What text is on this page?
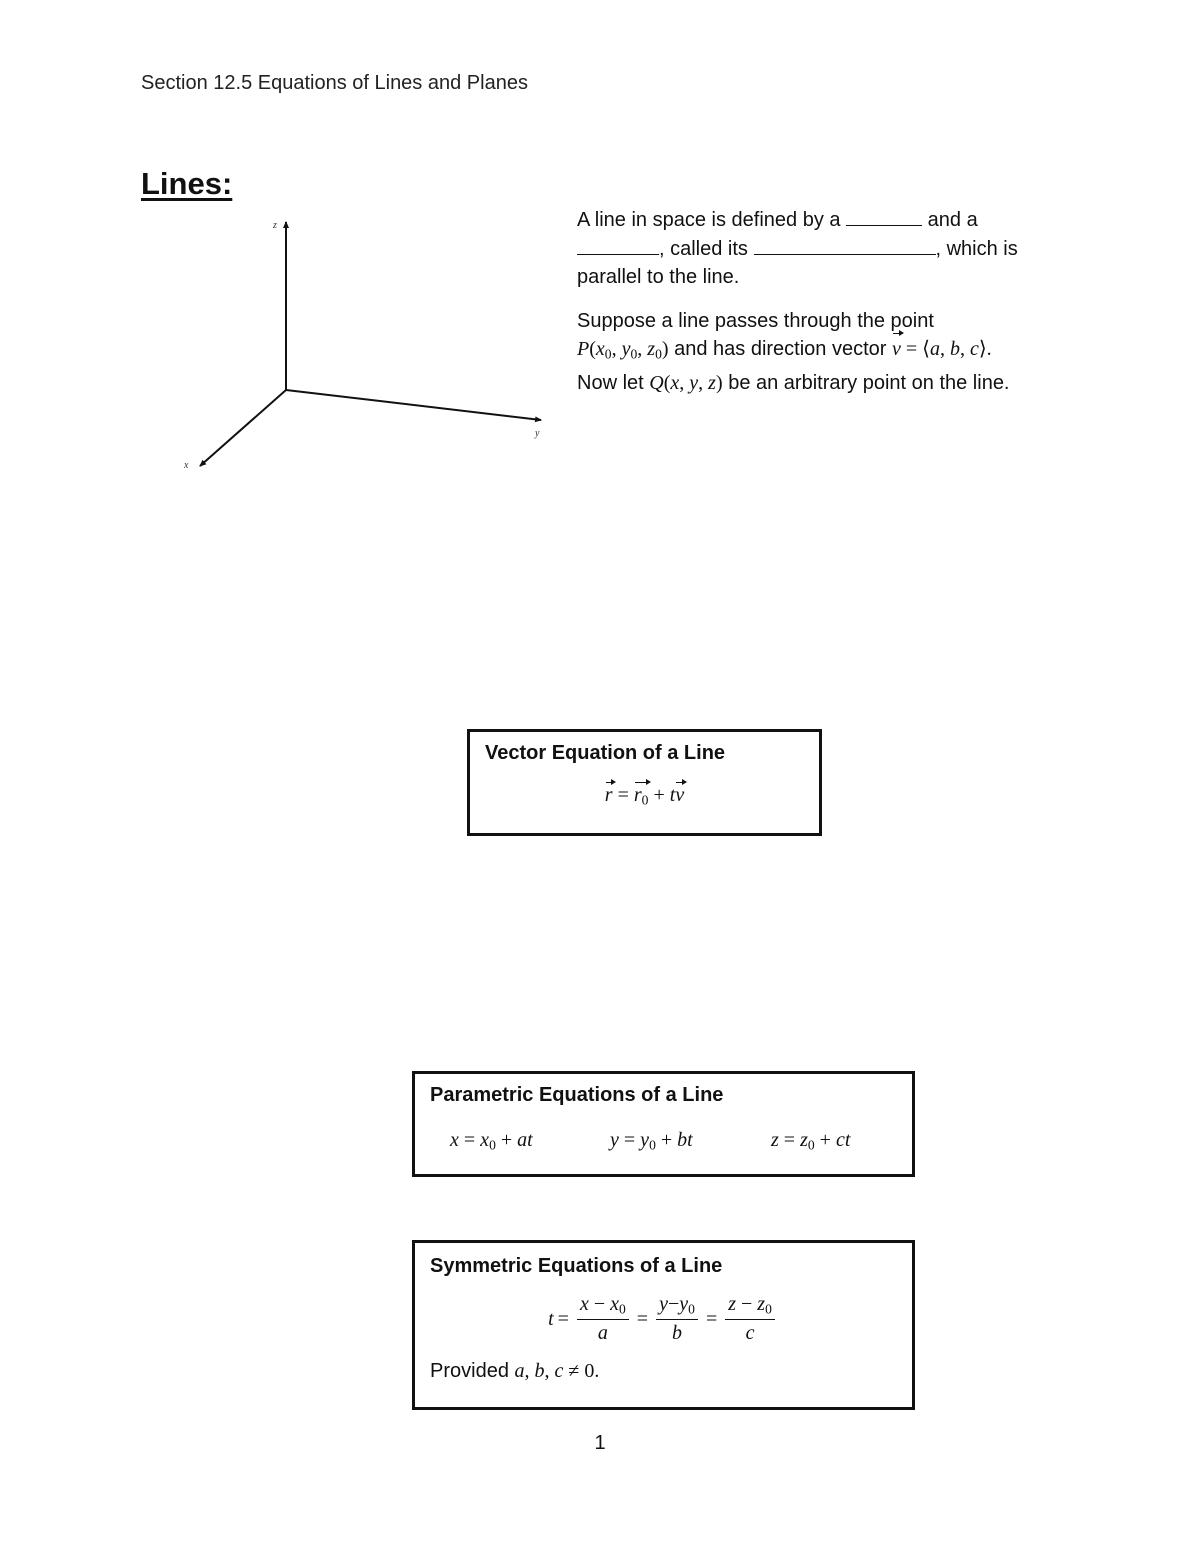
Section 12.5 Equations of Lines and Planes
Lines:
z
y
x

A line in space is defined by a	and a , called its	, which is parallel to the line.

Suppose a line passes through the point
$P(x_0$, $y_0$, $z_0$) and has direction vector v = ⟨a, b, c⟩.
Now let Q(x, y, z) be an arbitrary point on the line.

Vector Equation of a Line
$r = r_0$ + tv
Parametric Equations of a Line
$x = x_0$ + at	$y = y_0$ + bt	$z = z_0$ + ct
Symmetric Equations of a Line
$t = \frac{x - x_0}{a} = \frac{y-y_0}{b} = \frac{z - z_0}{c}$
Provided a, b, c ≠ 0.
1
